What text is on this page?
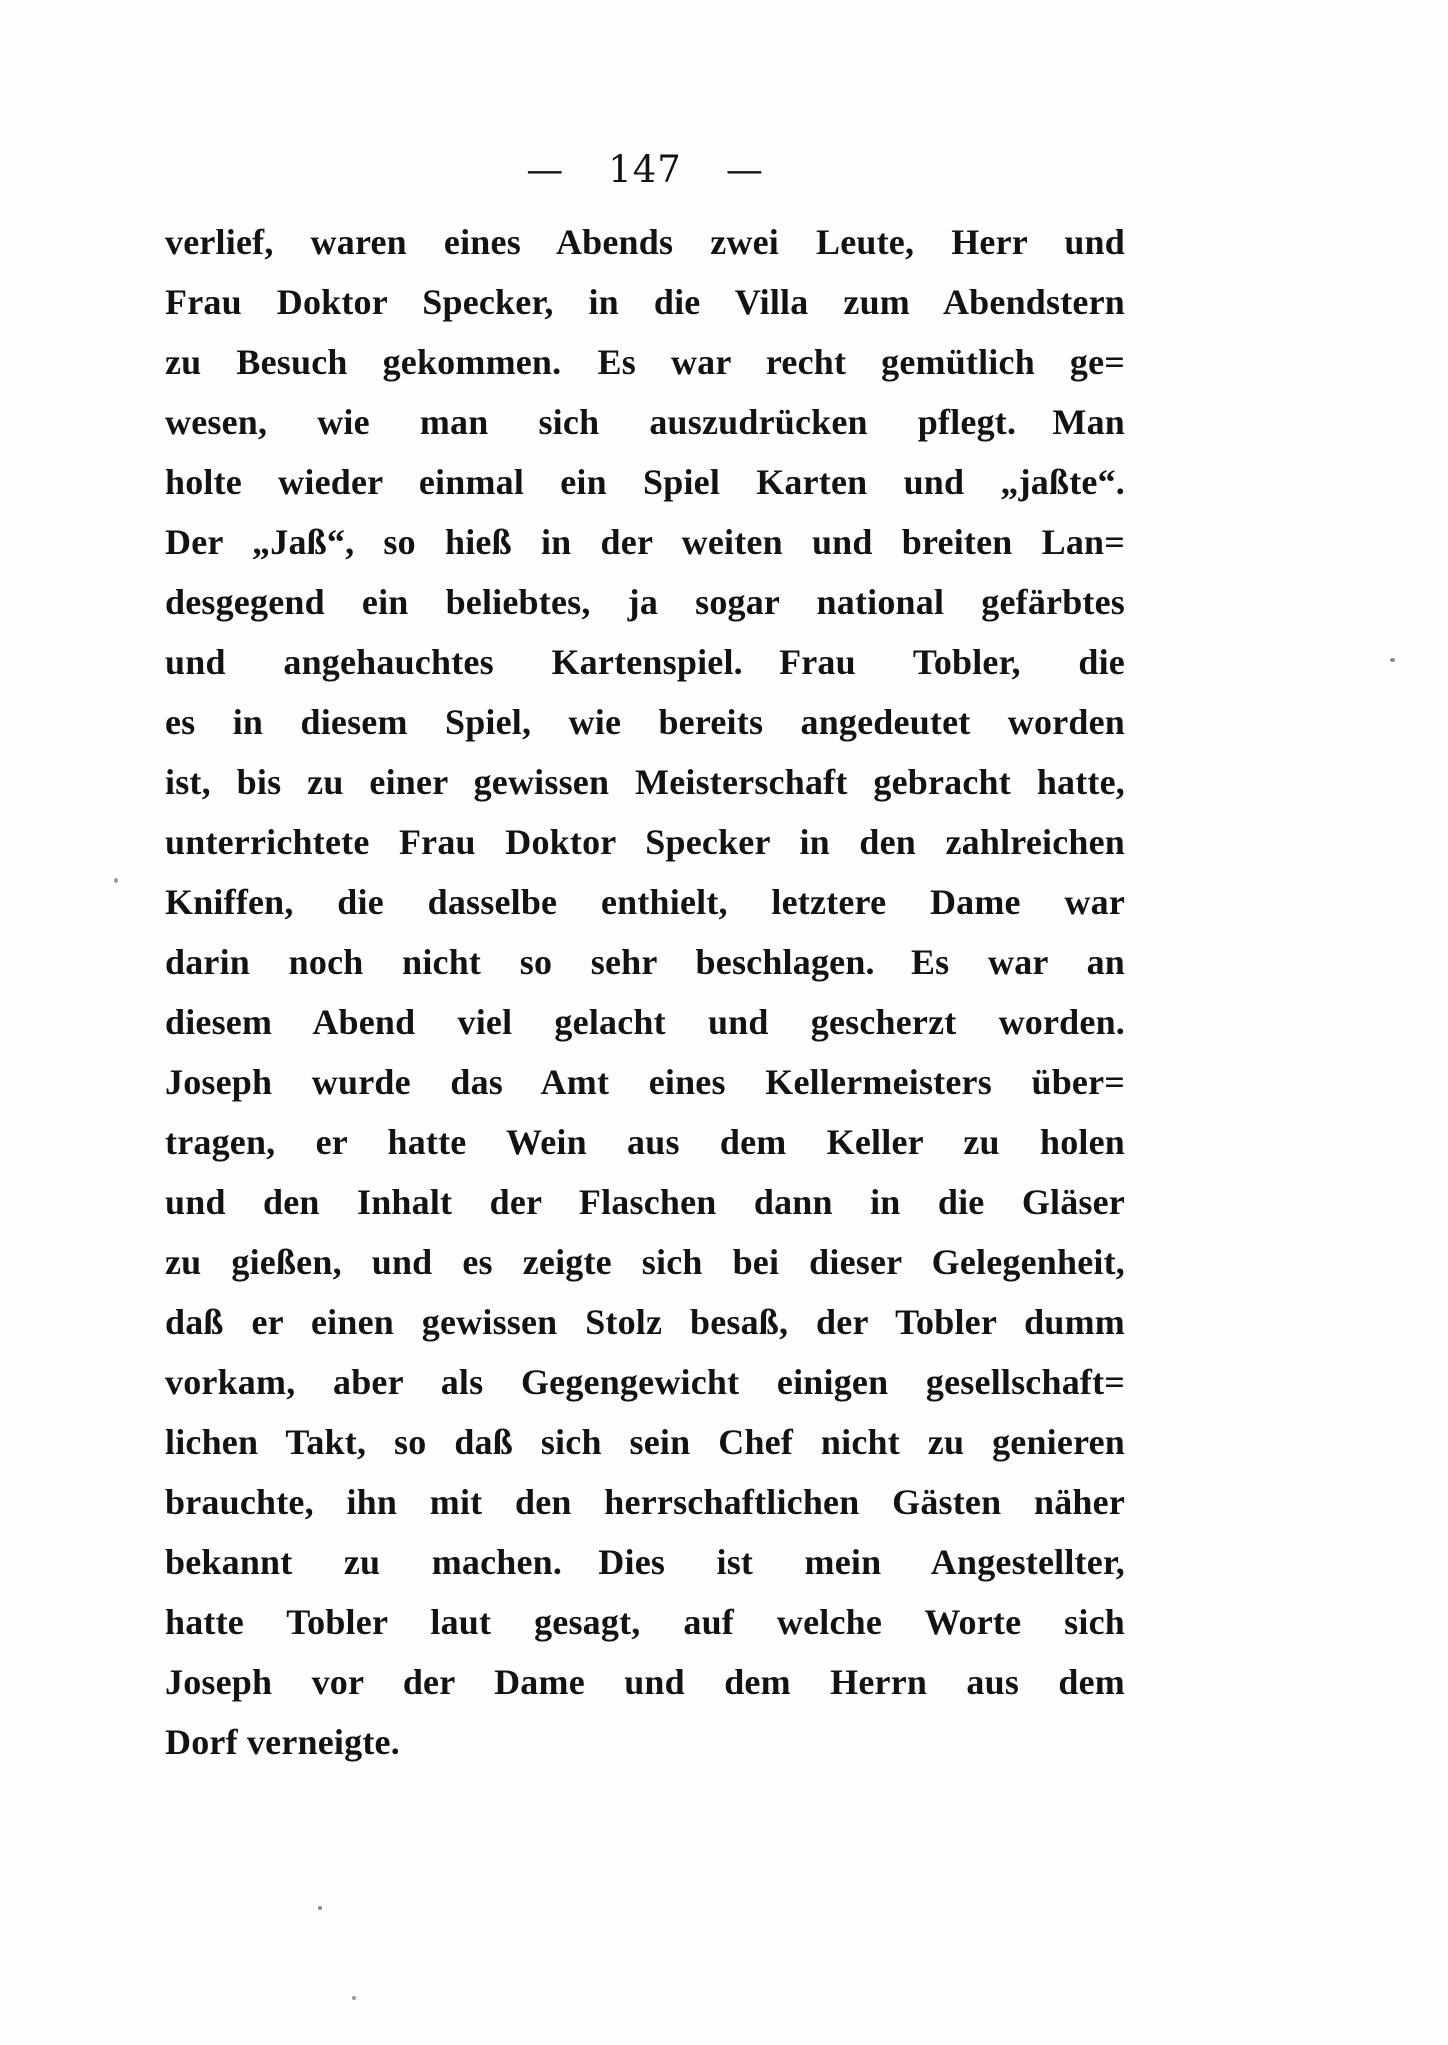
— 147 —
verlief, waren eines Abends zwei Leute, Herr und
Frau Doktor Specker, in die Villa zum Abendstern
zu Besuch gekommen. Es war recht gemütlich ge=
wesen, wie man sich auszudrücken pflegt. Man
holte wieder einmal ein Spiel Karten und „jaßte“.
Der „Jaß“, so hieß in der weiten und breiten Lan=
desgegend ein beliebtes, ja sogar national gefärbtes
und angehauchtes Kartenspiel. Frau Tobler, die
es in diesem Spiel, wie bereits angedeutet worden
ist, bis zu einer gewissen Meisterschaft gebracht hatte,
unterrichtete Frau Doktor Specker in den zahlreichen
Kniffen, die dasselbe enthielt, letztere Dame war
darin noch nicht so sehr beschlagen. Es war an
diesem Abend viel gelacht und gescherzt worden.
Joseph wurde das Amt eines Kellermeisters über=
tragen, er hatte Wein aus dem Keller zu holen
und den Inhalt der Flaschen dann in die Gläser
zu gießen, und es zeigte sich bei dieser Gelegenheit,
daß er einen gewissen Stolz besaß, der Tobler dumm
vorkam, aber als Gegengewicht einigen gesellschaft=
lichen Takt, so daß sich sein Chef nicht zu genieren
brauchte, ihn mit den herrschaftlichen Gästen näher
bekannt zu machen. Dies ist mein Angestellter,
hatte Tobler laut gesagt, auf welche Worte sich
Joseph vor der Dame und dem Herrn aus dem
Dorf verneigte.
